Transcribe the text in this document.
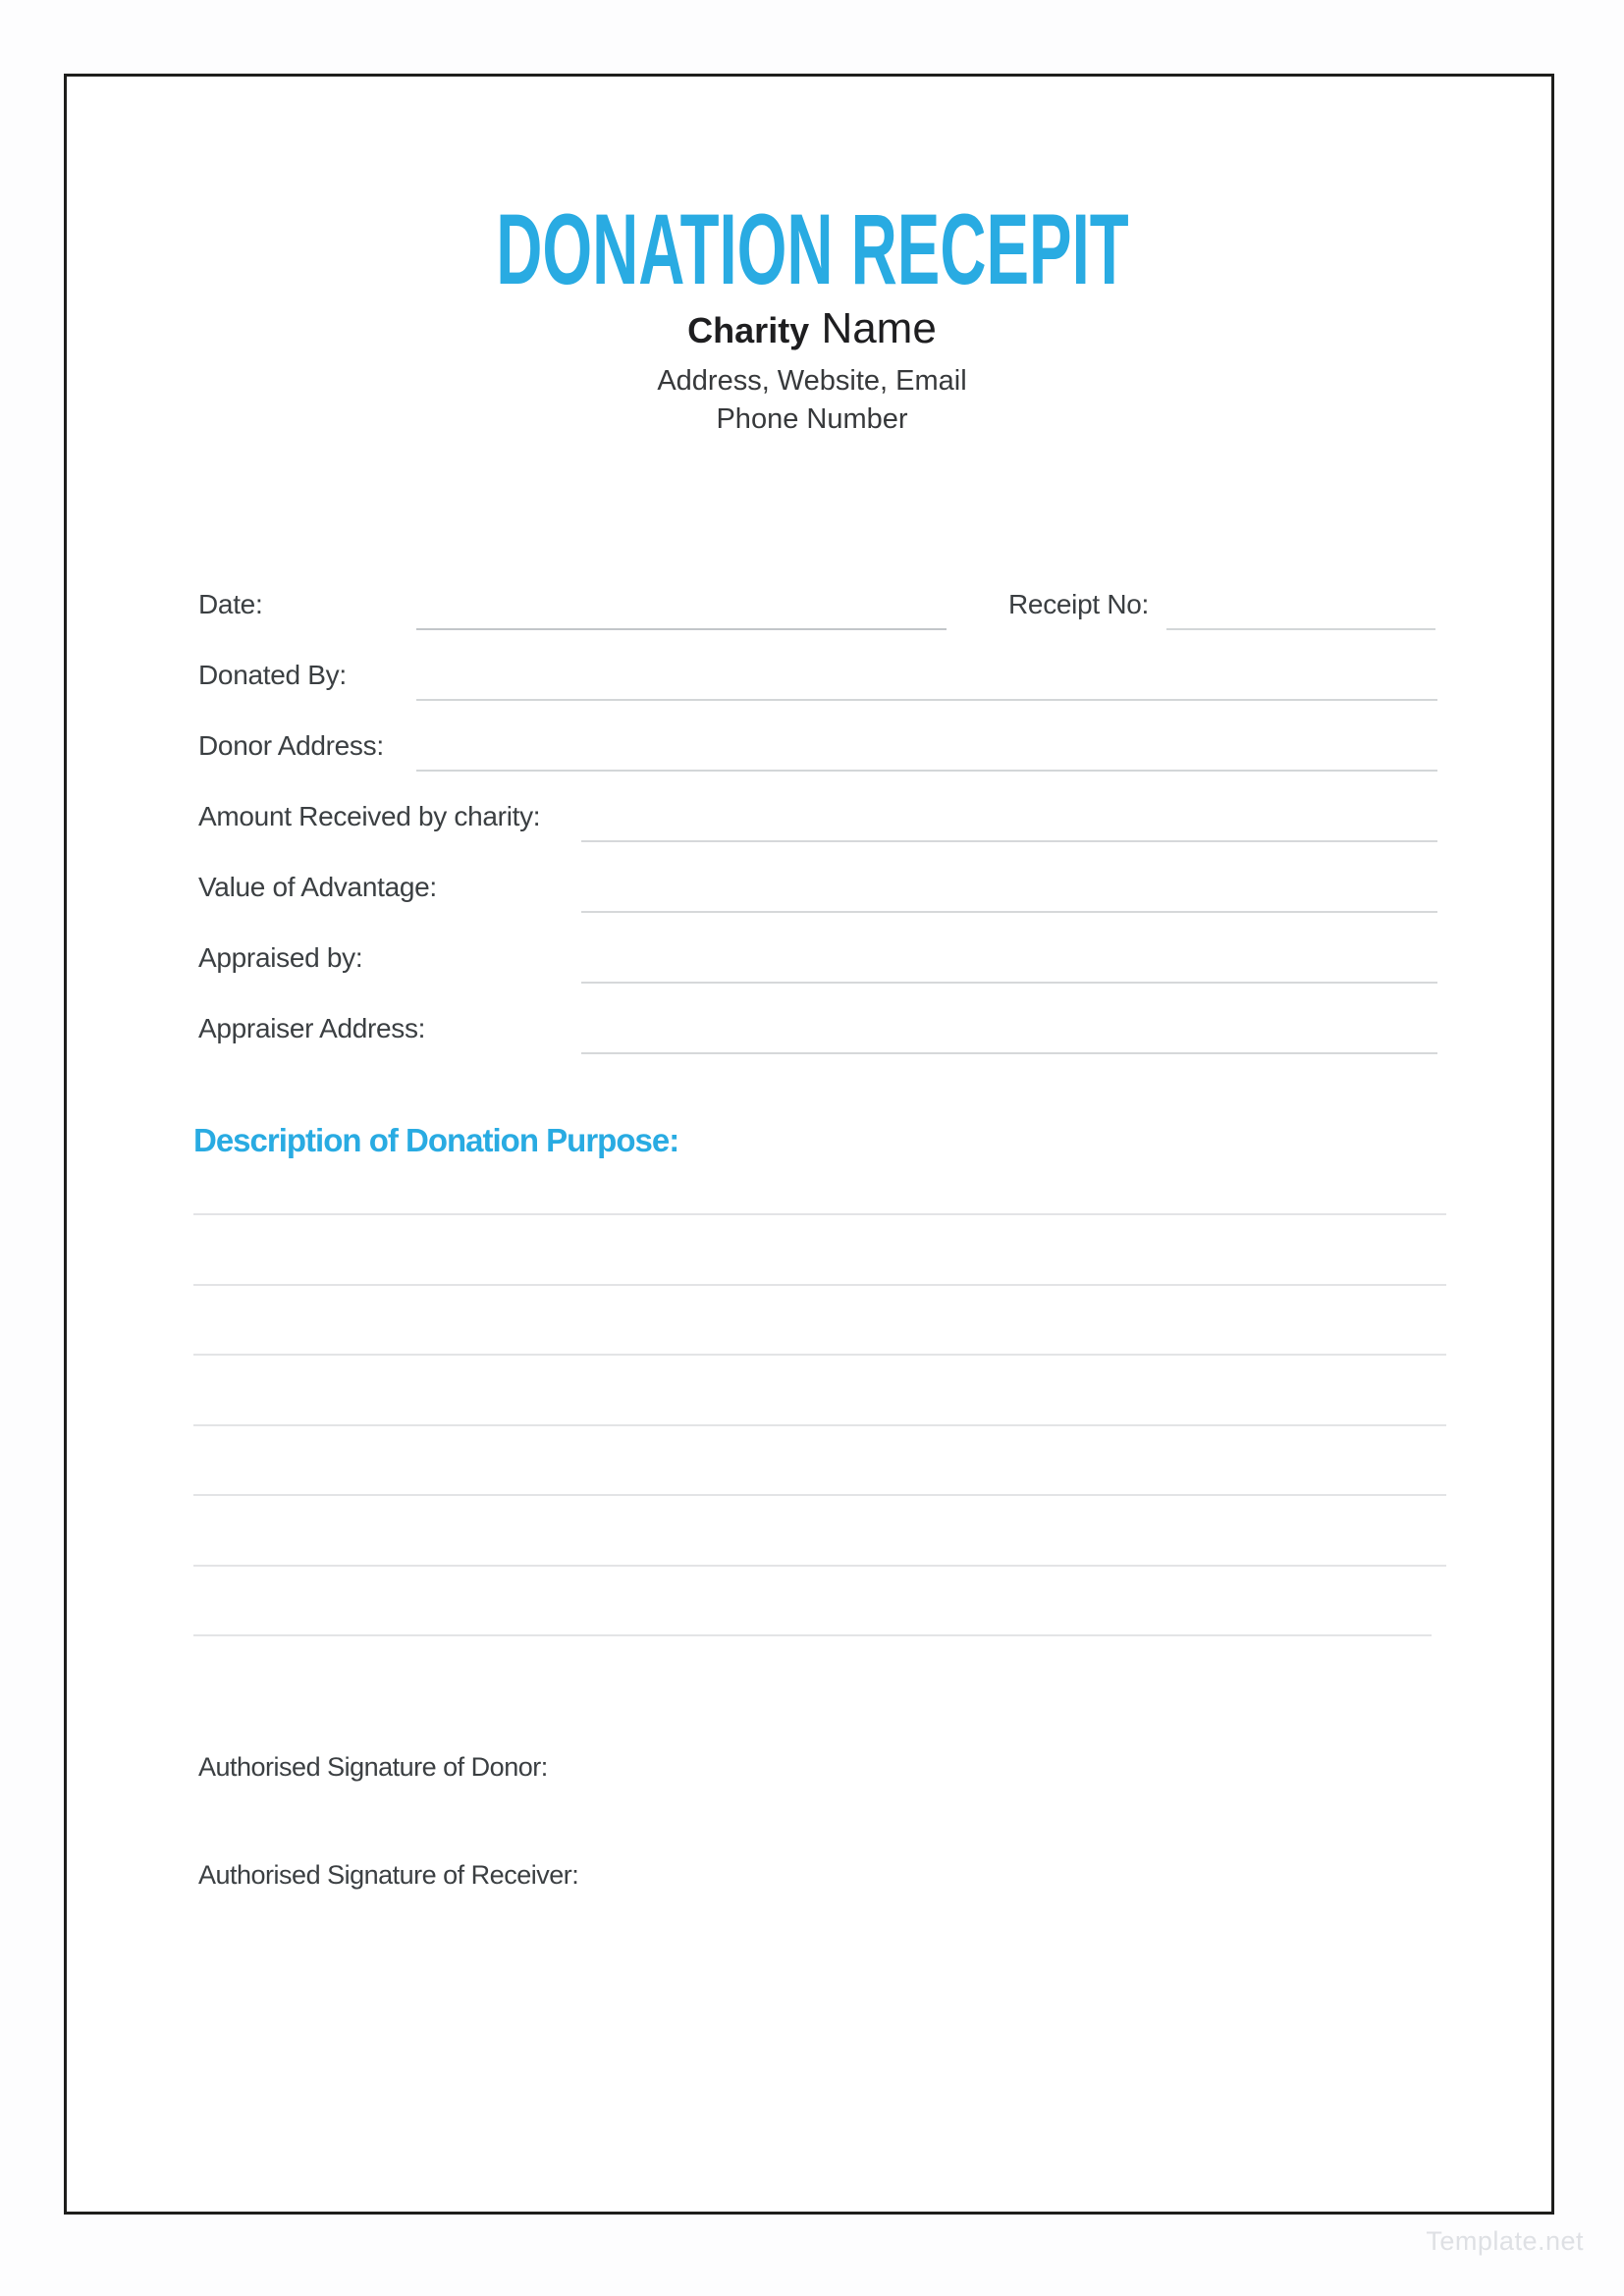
DONATION RECEPIT
Charity Name
Address, Website, Email
Phone Number
Date:	Receipt No:
Donated By:
Donor Address:
Amount Received by charity:
Value of Advantage:
Appraised by:
Appraiser Address:
Description of Donation Purpose:
Authorised Signature of Donor:
Authorised Signature of Receiver:
Template.net
